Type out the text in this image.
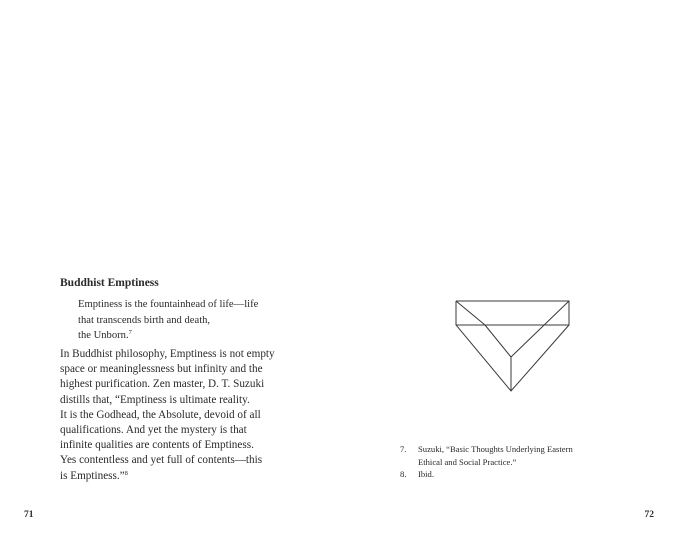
Buddhist Emptiness
Emptiness is the fountainhead of life—life
that transcends birth and death,
the Unborn.$^7$
In Buddhist philosophy, Emptiness is not empty
space or meaninglessness but infinity and the
highest purification. Zen master, D. T. Suzuki
distills that, “Emptiness is ultimate reality.
It is the Godhead, the Absolute, devoid of all
qualifications. And yet the mystery is that
infinite qualities are contents of Emptiness.
Yes contentless and yet full of contents—this
is Emptiness.”$^8$
71
7.	Suzuki, “Basic Thoughts Underlying Eastern
Ethical and Social Practice.”
8.	Ibid.
72
